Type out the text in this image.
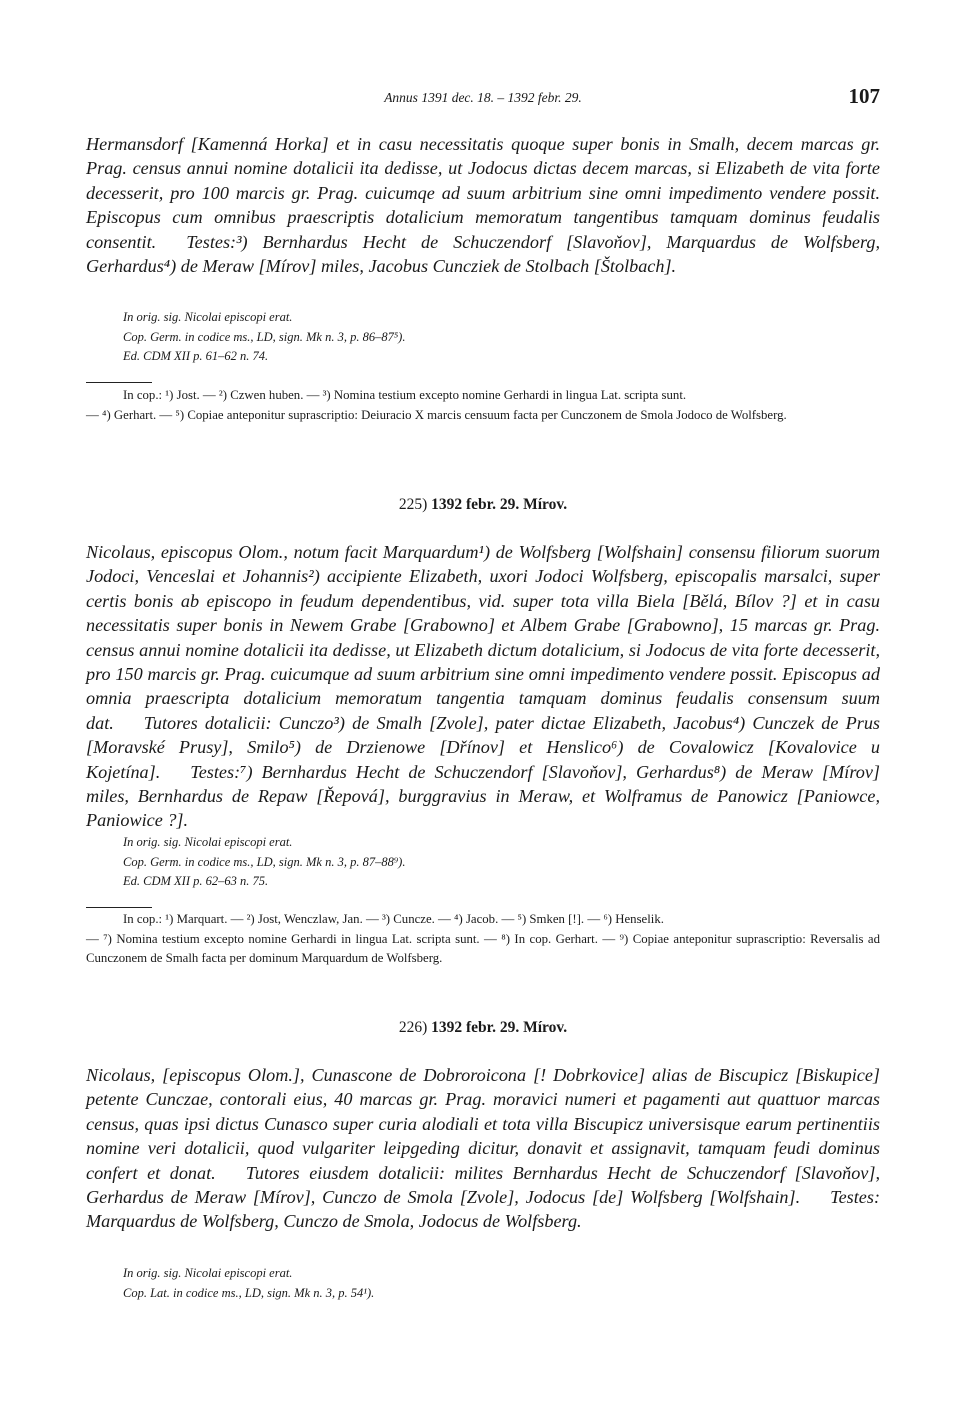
Annus 1391 dec. 18. – 1392 febr. 29.	107

Hermansdorf [Kamenná Horka] et in casu necessitatis quoque super bonis in Smalh, decem marcas gr. Prag. census annui nomine dotalicii ita dedisse, ut Jodocus dictas decem marcas, si Elizabeth de vita forte decesserit, pro 100 marcis gr. Prag. cuicumqe ad suum arbitrium sine omni impedimento vendere possit. Episcopus cum omnibus praescriptis dotalicium memoratum tangentibus tamquam dominus feudalis consentit. Testes:³) Bernhardus Hecht de Schuczendorf [Slavoňov], Marquardus de Wolfsberg, Gerhardus⁴) de Meraw [Mírov] miles, Jacobus Cuncziek de Stolbach [Štolbach].

In orig. sig. Nicolai episcopi erat.
Cop. Germ. in codice ms., LD, sign. Mk n. 3, p. 86–87⁵).
Ed. CDM XII p. 61–62 n. 74.
In cop.: ¹) Jost. — ²) Czwen huben. — ³) Nomina testium excepto nomine Gerhardi in lingua Lat. scripta sunt.
— ⁴) Gerhart. — ⁵) Copiae anteponitur suprascriptio: Deiuracio X marcis censuum facta per Cunczonem de Smola Jodoco de Wolfsberg.
225) 1392 febr. 29. Mírov.

Nicolaus, episcopus Olom., notum facit Marquardum¹) de Wolfsberg [Wolfshain] consensu filiorum suorum Jodoci, Venceslai et Johannis²) accipiente Elizabeth, uxori Jodoci Wolfsberg, episcopalis marsalci, super certis bonis ab episcopo in feudum dependentibus, vid. super tota villa Biela [Bělá, Bílov ?] et in casu necessitatis super bonis in Newem Grabe [Grabowno] et Albem Grabe [Grabowno], 15 marcas gr. Prag. census annui nomine dotalicii ita dedisse, ut Elizabeth dictum dotalicium, si Jodocus de vita forte decesserit, pro 150 marcis gr. Prag. cuicumque ad suum arbitrium sine omni impedimento vendere possit. Episcopus ad omnia praescripta dotalicium memoratum tangentia tamquam dominus feudalis consensum suum dat. Tutores dotalicii: Cunczo³) de Smalh [Zvole], pater dictae Elizabeth, Jacobus⁴) Cunczek de Prus [Moravské Prusy], Smilo⁵) de Drzienowe [Dřínov] et Henslico⁶) de Covalowicz [Kovalovice u Kojetína]. Testes:⁷) Bernhardus Hecht de Schuczendorf [Slavoňov], Gerhardus⁸) de Meraw [Mírov] miles, Bernhardus de Repaw [Řepová], burggravius in Meraw, et Wolframus de Panowicz [Paniowce, Paniowice ?].

In orig. sig. Nicolai episcopi erat.
Cop. Germ. in codice ms., LD, sign. Mk n. 3, p. 87–88⁹).
Ed. CDM XII p. 62–63 n. 75.
In cop.: ¹) Marquart. — ²) Jost, Wenczlaw, Jan. — ³) Cuncze. — ⁴) Jacob. — ⁵) Smken [!]. — ⁶) Henselik.
— ⁷) Nomina testium excepto nomine Gerhardi in lingua Lat. scripta sunt. — ⁸) In cop. Gerhart. — ⁹) Copiae anteponitur suprascriptio: Reversalis ad Cunczonem de Smalh facta per dominum Marquardum de Wolfsberg.
226) 1392 febr. 29. Mírov.

Nicolaus, [episcopus Olom.], Cunascone de Dobroroicona [! Dobrkovice] alias de Biscupicz [Biskupice] petente Cunczae, contorali eius, 40 marcas gr. Prag. moravici numeri et pagamenti aut quattuor marcas census, quas ipsi dictus Cunasco super curia alodiali et tota villa Biscupicz universisque earum pertinentiis nomine veri dotalicii, quod vulgariter leipgeding dicitur, donavit et assignavit, tamquam feudi dominus confert et donat. Tutores eiusdem dotalicii: milites Bernhardus Hecht de Schuczendorf [Slavoňov], Gerhardus de Meraw [Mírov], Cunczo de Smola [Zvole], Jodocus [de] Wolfsberg [Wolfshain]. Testes: Marquardus de Wolfsberg, Cunczo de Smola, Jodocus de Wolfsberg.

In orig. sig. Nicolai episcopi erat.
Cop. Lat. in codice ms., LD, sign. Mk n. 3, p. 54¹).
